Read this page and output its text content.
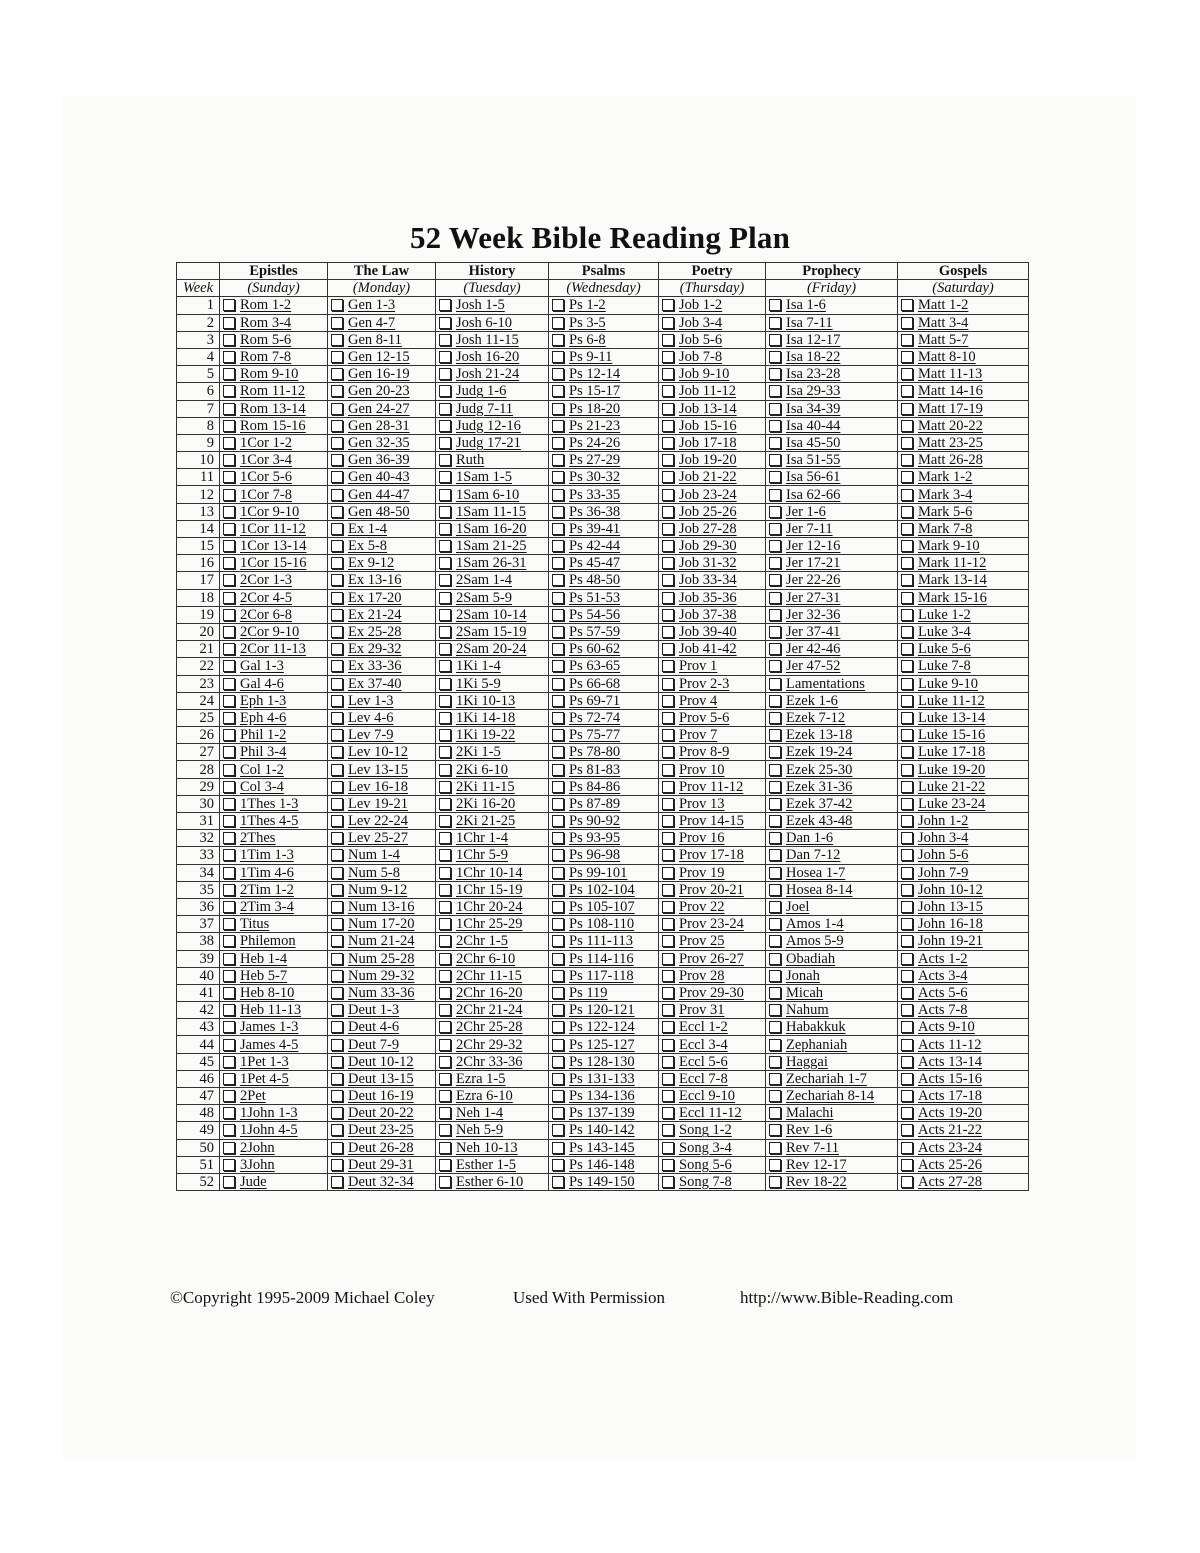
52 Week Bible Reading Plan
	Epistles	The Law	History	Psalms	Poetry	Prophecy	Gospels
Week	(Sunday)	(Monday)	(Tuesday)	(Wednesday)	(Thursday)	(Friday)	(Saturday)
1	Rom 1-2	Gen 1-3	Josh 1-5	Ps 1-2	Job 1-2	Isa 1-6	Matt 1-2

2	Rom 3-4	Gen 4-7	Josh 6-10	Ps 3-5	Job 3-4	Isa 7-11	Matt 3-4

3	Rom 5-6	Gen 8-11	Josh 11-15	Ps 6-8	Job 5-6	Isa 12-17	Matt 5-7

4	Rom 7-8	Gen 12-15	Josh 16-20	Ps 9-11	Job 7-8	Isa 18-22	Matt 8-10

5	Rom 9-10	Gen 16-19	Josh 21-24	Ps 12-14	Job 9-10	Isa 23-28	Matt 11-13

6	Rom 11-12	Gen 20-23	Judg 1-6	Ps 15-17	Job 11-12	Isa 29-33	Matt 14-16

7	Rom 13-14	Gen 24-27	Judg 7-11	Ps 18-20	Job 13-14	Isa 34-39	Matt 17-19

8	Rom 15-16	Gen 28-31	Judg 12-16	Ps 21-23	Job 15-16	Isa 40-44	Matt 20-22

9	1Cor 1-2	Gen 32-35	Judg 17-21	Ps 24-26	Job 17-18	Isa 45-50	Matt 23-25

10	1Cor 3-4	Gen 36-39	Ruth	Ps 27-29	Job 19-20	Isa 51-55	Matt 26-28

11	1Cor 5-6	Gen 40-43	1Sam 1-5	Ps 30-32	Job 21-22	Isa 56-61	Mark 1-2

12	1Cor 7-8	Gen 44-47	1Sam 6-10	Ps 33-35	Job 23-24	Isa 62-66	Mark 3-4

13	1Cor 9-10	Gen 48-50	1Sam 11-15	Ps 36-38	Job 25-26	Jer 1-6	Mark 5-6

14	1Cor 11-12	Ex 1-4	1Sam 16-20	Ps 39-41	Job 27-28	Jer 7-11	Mark 7-8

15	1Cor 13-14	Ex 5-8	1Sam 21-25	Ps 42-44	Job 29-30	Jer 12-16	Mark 9-10

16	1Cor 15-16	Ex 9-12	1Sam 26-31	Ps 45-47	Job 31-32	Jer 17-21	Mark 11-12

17	2Cor 1-3	Ex 13-16	2Sam 1-4	Ps 48-50	Job 33-34	Jer 22-26	Mark 13-14

18	2Cor 4-5	Ex 17-20	2Sam 5-9	Ps 51-53	Job 35-36	Jer 27-31	Mark 15-16

19	2Cor 6-8	Ex 21-24	2Sam 10-14	Ps 54-56	Job 37-38	Jer 32-36	Luke 1-2

20	2Cor 9-10	Ex 25-28	2Sam 15-19	Ps 57-59	Job 39-40	Jer 37-41	Luke 3-4

21	2Cor 11-13	Ex 29-32	2Sam 20-24	Ps 60-62	Job 41-42	Jer 42-46	Luke 5-6

22	Gal 1-3	Ex 33-36	1Ki 1-4	Ps 63-65	Prov 1	Jer 47-52	Luke 7-8

23	Gal 4-6	Ex 37-40	1Ki 5-9	Ps 66-68	Prov 2-3	Lamentations	Luke 9-10

24	Eph 1-3	Lev 1-3	1Ki 10-13	Ps 69-71	Prov 4	Ezek 1-6	Luke 11-12

25	Eph 4-6	Lev 4-6	1Ki 14-18	Ps 72-74	Prov 5-6	Ezek 7-12	Luke 13-14

26	Phil 1-2	Lev 7-9	1Ki 19-22	Ps 75-77	Prov 7	Ezek 13-18	Luke 15-16

27	Phil 3-4	Lev 10-12	2Ki 1-5	Ps 78-80	Prov 8-9	Ezek 19-24	Luke 17-18

28	Col 1-2	Lev 13-15	2Ki 6-10	Ps 81-83	Prov 10	Ezek 25-30	Luke 19-20

29	Col 3-4	Lev 16-18	2Ki 11-15	Ps 84-86	Prov 11-12	Ezek 31-36	Luke 21-22

30	1Thes 1-3	Lev 19-21	2Ki 16-20	Ps 87-89	Prov 13	Ezek 37-42	Luke 23-24

31	1Thes 4-5	Lev 22-24	2Ki 21-25	Ps 90-92	Prov 14-15	Ezek 43-48	John 1-2

32	2Thes	Lev 25-27	1Chr 1-4	Ps 93-95	Prov 16	Dan 1-6	John 3-4

33	1Tim 1-3	Num 1-4	1Chr 5-9	Ps 96-98	Prov 17-18	Dan 7-12	John 5-6

34	1Tim 4-6	Num 5-8	1Chr 10-14	Ps 99-101	Prov 19	Hosea 1-7	John 7-9

35	2Tim 1-2	Num 9-12	1Chr 15-19	Ps 102-104	Prov 20-21	Hosea 8-14	John 10-12

36	2Tim 3-4	Num 13-16	1Chr 20-24	Ps 105-107	Prov 22	Joel	John 13-15

37	Titus	Num 17-20	1Chr 25-29	Ps 108-110	Prov 23-24	Amos 1-4	John 16-18

38	Philemon	Num 21-24	2Chr 1-5	Ps 111-113	Prov 25	Amos 5-9	John 19-21

39	Heb 1-4	Num 25-28	2Chr 6-10	Ps 114-116	Prov 26-27	Obadiah	Acts 1-2

40	Heb 5-7	Num 29-32	2Chr 11-15	Ps 117-118	Prov 28	Jonah	Acts 3-4

41	Heb 8-10	Num 33-36	2Chr 16-20	Ps 119	Prov 29-30	Micah	Acts 5-6

42	Heb 11-13	Deut 1-3	2Chr 21-24	Ps 120-121	Prov 31	Nahum	Acts 7-8

43	James 1-3	Deut 4-6	2Chr 25-28	Ps 122-124	Eccl 1-2	Habakkuk	Acts 9-10

44	James 4-5	Deut 7-9	2Chr 29-32	Ps 125-127	Eccl 3-4	Zephaniah	Acts 11-12

45	1Pet 1-3	Deut 10-12	2Chr 33-36	Ps 128-130	Eccl 5-6	Haggai	Acts 13-14

46	1Pet 4-5	Deut 13-15	Ezra 1-5	Ps 131-133	Eccl 7-8	Zechariah 1-7	Acts 15-16

47	2Pet	Deut 16-19	Ezra 6-10	Ps 134-136	Eccl 9-10	Zechariah 8-14	Acts 17-18

48	1John 1-3	Deut 20-22	Neh 1-4	Ps 137-139	Eccl 11-12	Malachi	Acts 19-20

49	1John 4-5	Deut 23-25	Neh 5-9	Ps 140-142	Song 1-2	Rev 1-6	Acts 21-22

50	2John	Deut 26-28	Neh 10-13	Ps 143-145	Song 3-4	Rev 7-11	Acts 23-24

51	3John	Deut 29-31	Esther 1-5	Ps 146-148	Song 5-6	Rev 12-17	Acts 25-26

52	Jude	Deut 32-34	Esther 6-10	Ps 149-150	Song 7-8	Rev 18-22	Acts 27-28
©Copyright 1995-2009 Michael Coley	Used With Permission	http://www.Bible-Reading.com
